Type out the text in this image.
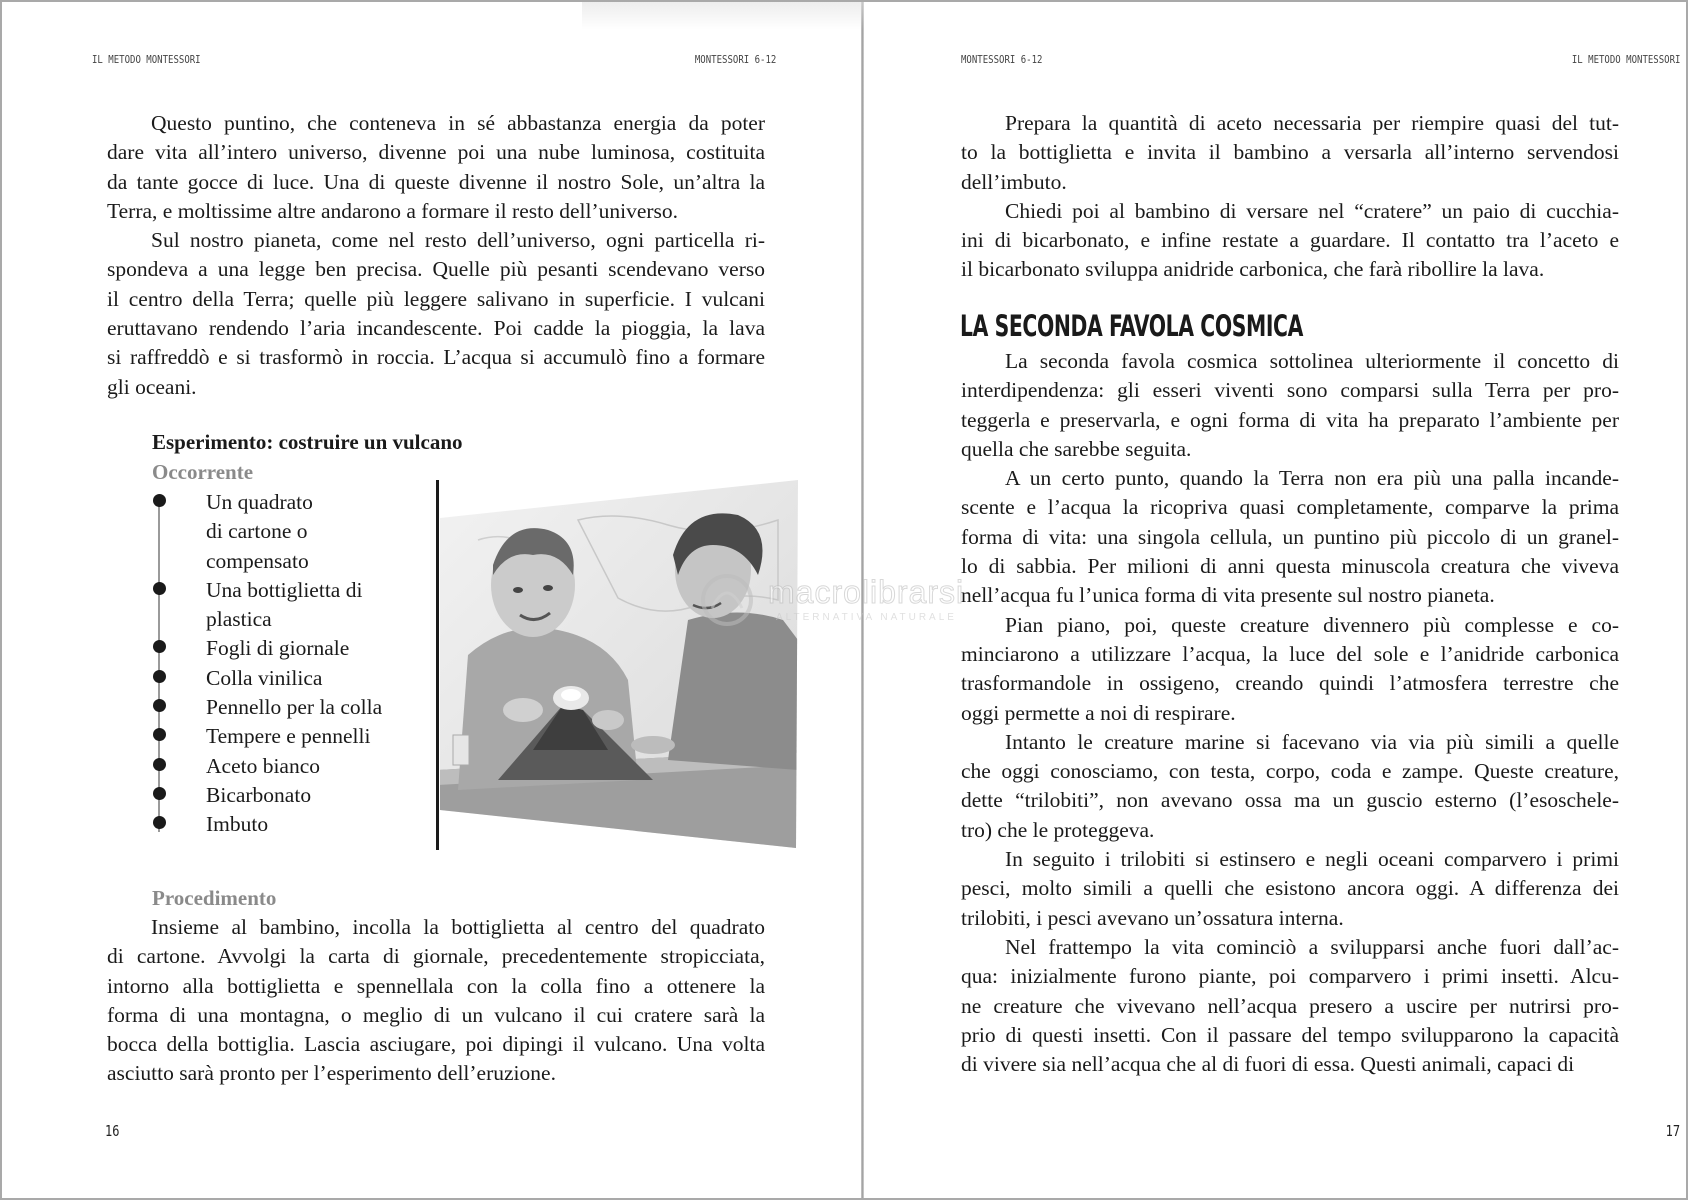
IL METODO MONTESSORI	MONTESSORI 6-12
Questo puntino, che conteneva in sé abbastanza energia da poter
dare vita all’intero universo, divenne poi una nube luminosa, costituita
da tante gocce di luce. Una di queste divenne il nostro Sole, un’altra la
Terra, e moltissime altre andarono a formare il resto dell’universo.
Sul nostro pianeta, come nel resto dell’universo, ogni particella ri-
spondeva a una legge ben precisa. Quelle più pesanti scendevano verso
il centro della Terra; quelle più leggere salivano in superficie. I vulcani
eruttavano rendendo l’aria incandescente. Poi cadde la pioggia, la lava
si raffreddò e si trasformò in roccia. L’acqua si accumulò fino a formare
gli oceani.
Esperimento: costruire un vulcano
Occorrente
Un quadrato
di cartone o
compensato
Una bottiglietta di
plastica
Fogli di giornale
Colla vinilica
Pennello per la colla
Tempere e pennelli
Aceto bianco
Bicarbonato
Imbuto
Procedimento
Insieme al bambino, incolla la bottiglietta al centro del quadrato
di cartone. Avvolgi la carta di giornale, precedentemente stropicciata,
intorno alla bottiglietta e spennellala con la colla fino a ottenere la
forma di una montagna, o meglio di un vulcano il cui cratere sarà la
bocca della bottiglia. Lascia asciugare, poi dipingi il vulcano. Una volta
asciutto sarà pronto per l’esperimento dell’eruzione.
16
MONTESSORI 6-12	IL METODO MONTESSORI
Prepara la quantità di aceto necessaria per riempire quasi del tut-
to la bottiglietta e invita il bambino a versarla all’interno servendosi
dell’imbuto.
Chiedi poi al bambino di versare nel “cratere” un paio di cucchia-
ini di bicarbonato, e infine restate a guardare. Il contatto tra l’aceto e
il bicarbonato sviluppa anidride carbonica, che farà ribollire la lava.
La seconda favola cosmica sottolinea ulteriormente il concetto di
interdipendenza: gli esseri viventi sono comparsi sulla Terra per pro-
teggerla e preservarla, e ogni forma di vita ha preparato l’ambiente per
quella che sarebbe seguita.
A un certo punto, quando la Terra non era più una palla incande-
scente e l’acqua la ricopriva quasi completamente, comparve la prima
forma di vita: una singola cellula, un puntino più piccolo di un granel-
lo di sabbia. Per milioni di anni questa minuscola creatura che viveva
nell’acqua fu l’unica forma di vita presente sul nostro pianeta.
Pian piano, poi, queste creature divennero più complesse e co-
minciarono a utilizzare l’acqua, la luce del sole e l’anidride carbonica
trasformandole in ossigeno, creando quindi l’atmosfera terrestre che
oggi permette a noi di respirare.
Intanto le creature marine si facevano via via più simili a quelle
che oggi conosciamo, con testa, corpo, coda e zampe. Queste creature,
dette “trilobiti”, non avevano ossa ma un guscio esterno (l’esoschele-
tro) che le proteggeva.
In seguito i trilobiti si estinsero e negli oceani comparvero i primi
pesci, molto simili a quelli che esistono ancora oggi. A differenza dei
trilobiti, i pesci avevano un’ossatura interna.
Nel frattempo la vita cominciò a svilupparsi anche fuori dall’ac-
qua: inizialmente furono piante, poi comparvero i primi insetti. Alcu-
ne creature che vivevano nell’acqua presero a uscire per nutrirsi pro-
prio di questi insetti. Con il passare del tempo svilupparono la capacità
di vivere sia nell’acqua che al di fuori di essa. Questi animali, capaci di
17
LA SECONDA FAVOLA COSMICA
macrolibrarsi
ALTERNATIVA NATURALE
